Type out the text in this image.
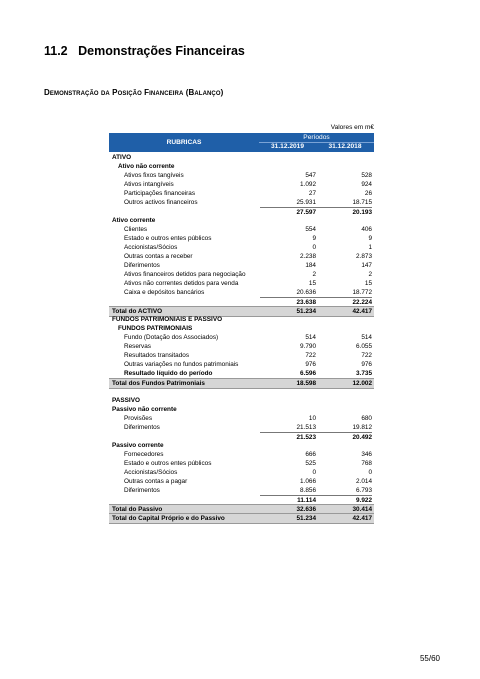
11.2 Demonstrações Financeiras
Demonstração da Posição Financeira (Balanço)
Valores em m€
RUBRICAS
Períodos
31.12.2019	31.12.2018
ATIVO
Ativo não corrente
Ativos fixos tangíveis	547	528
Ativos intangíveis	1.092	924
Participações financeiras	27	26
Outros activos financeiros	25.931	18.715
27.597	20.193
Ativo corrente
Clientes	554	406
Estado e outros entes públicos	9	9
Accionistas/Sócios	0	1
Outras contas a receber	2.238	2.873
Diferimentos	184	147
Ativos financeiros detidos para negociação	2	2
Ativos não correntes detidos para venda	15	15
Caixa e depósitos bancários	20.636	18.772
23.638	22.224
Total do ACTIVO	51.234	42.417
FUNDOS PATRIMONIAIS E PASSIVO
FUNDOS PATRIMONIAIS
Fundo (Dotação dos Associados)	514	514
Reservas	9.790	6.055
Resultados transitados	722	722
Outras variações no fundos patrimoniais	976	976
Resultado líquido do período	6.596	3.735
Total dos Fundos Patrimoniais	18.598	12.002
PASSIVO
Passivo não corrente
Provisões	10	680
Diferimentos	21.513	19.812
21.523	20.492
Passivo corrente
Fornecedores	666	346
Estado e outros entes públicos	525	768
Accionistas/Sócios	0	0
Outras contas a pagar	1.066	2.014
Diferimentos	8.856	6.793
11.114	9.922
Total do Passivo	32.636	30.414
Total do Capital Próprio e do Passivo	51.234	42.417
55/60
